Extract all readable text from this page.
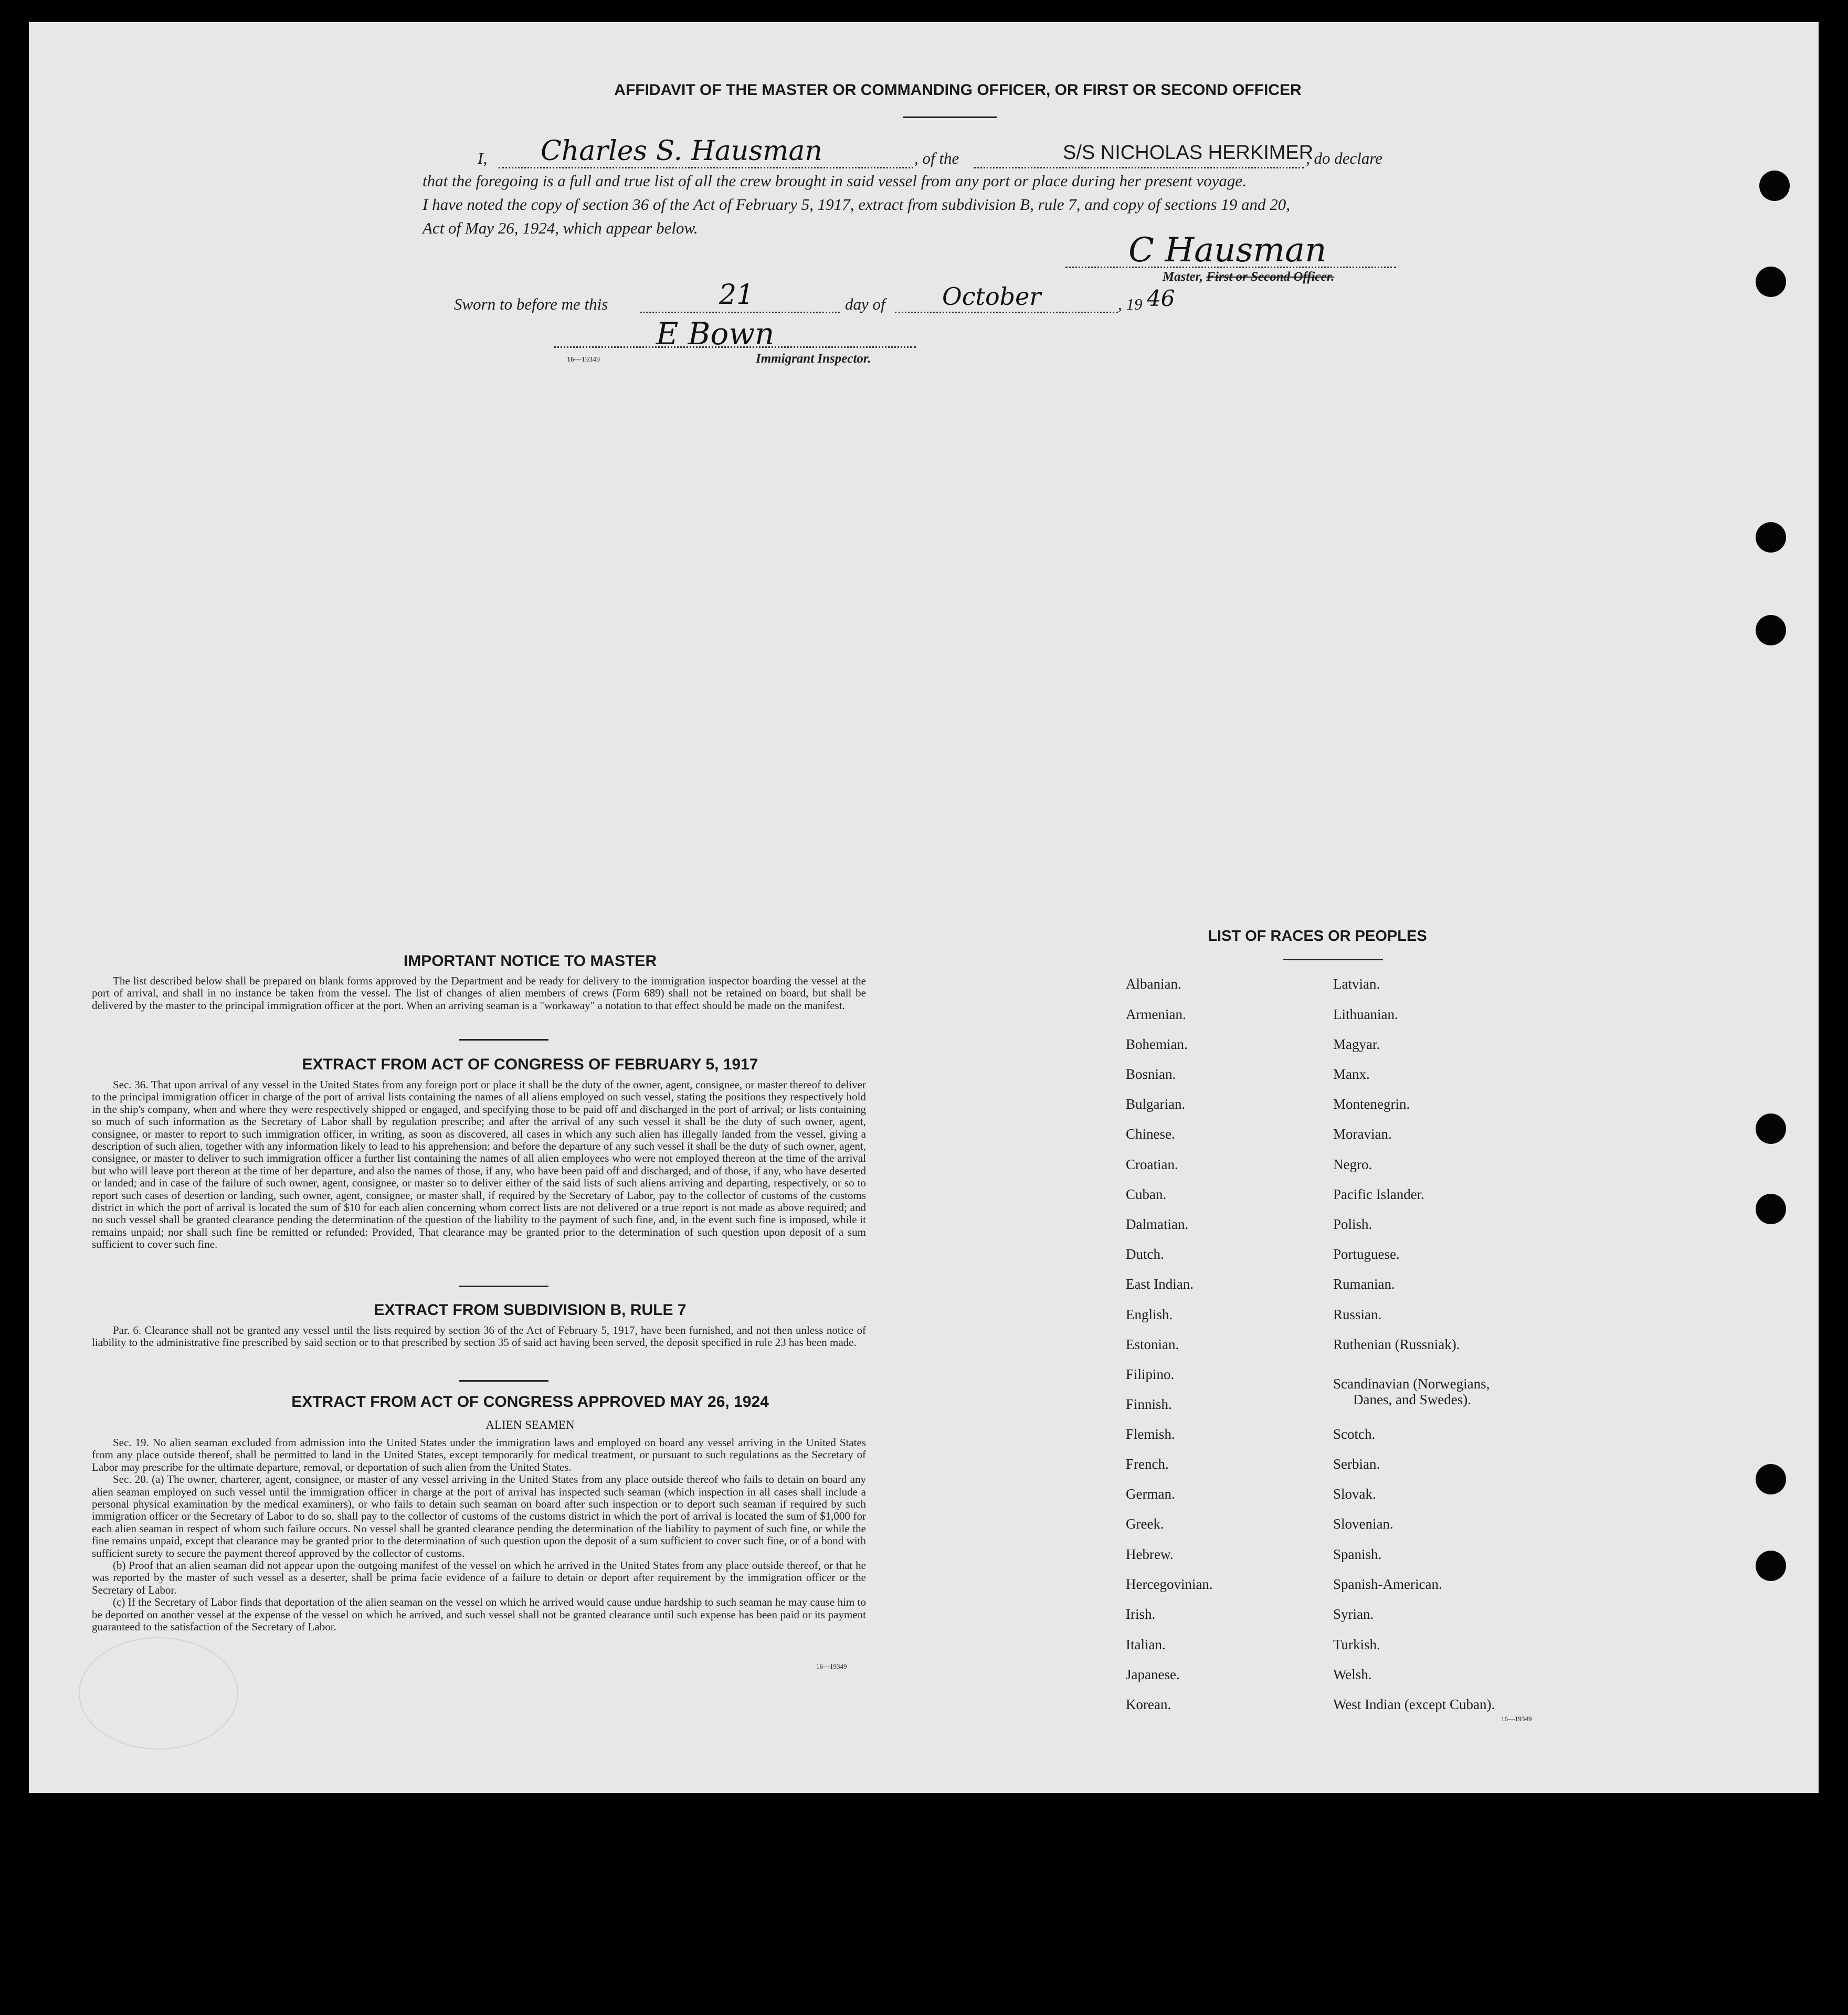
AFFIDAVIT OF THE MASTER OR COMMANDING OFFICER, OR FIRST OR SECOND OFFICER
I, Charles S. Hausman	, of the	S/S NICHOLAS HERKIMER
, do declare
that the foregoing is a full and true list of all the crew brought in said vessel from any port or place during her present voyage.
I have noted the copy of section 36 of the Act of February 5, 1917, extract from subdivision B, rule 7, and copy of sections 19 and 20,
Act of May 26, 1924, which appear below.
C Hausman
Master, First or Second Officer.
Sworn to before me this	21	day of October	, 19 46
E Bown
16—19349	Immigrant Inspector.
IMPORTANT NOTICE TO MASTER

The list described below shall be prepared on blank forms approved by the Department and be ready for delivery to the immigration inspector boarding the vessel at the port of arrival, and shall in no instance be taken from the vessel. The list of changes of alien members of crews (Form 689) shall not be retained on board, but shall be delivered by the master to the principal immigration officer at the port. When an arriving seaman is a "workaway" a notation to that effect should be made on the manifest.

EXTRACT FROM ACT OF CONGRESS OF FEBRUARY 5, 1917

Sec. 36. That upon arrival of any vessel in the United States from any foreign port or place it shall be the duty of the owner, agent, consignee, or master thereof to deliver to the principal immigration officer in charge of the port of arrival lists containing the names of all aliens employed on such vessel, stating the positions they respectively hold in the ship's company, when and where they were respectively shipped or engaged, and specifying those to be paid off and discharged in the port of arrival; or lists containing so much of such information as the Secretary of Labor shall by regulation prescribe; and after the arrival of any such vessel it shall be the duty of such owner, agent, consignee, or master to report to such immigration officer, in writing, as soon as discovered, all cases in which any such alien has illegally landed from the vessel, giving a description of such alien, together with any information likely to lead to his apprehension; and before the departure of any such vessel it shall be the duty of such owner, agent, consignee, or master to deliver to such immigration officer a further list containing the names of all alien employees who were not employed thereon at the time of the arrival but who will leave port thereon at the time of her departure, and also the names of those, if any, who have been paid off and discharged, and of those, if any, who have deserted or landed; and in case of the failure of such owner, agent, consignee, or master so to deliver either of the said lists of such aliens arriving and departing, respectively, or so to report such cases of desertion or landing, such owner, agent, consignee, or master shall, if required by the Secretary of Labor, pay to the collector of customs of the customs district in which the port of arrival is located the sum of $10 for each alien concerning whom correct lists are not delivered or a true report is not made as above required; and no such vessel shall be granted clearance pending the determination of the question of the liability to the payment of such fine, and, in the event such fine is imposed, while it remains unpaid; nor shall such fine be remitted or refunded: Provided, That clearance may be granted prior to the determination of such question upon deposit of a sum sufficient to cover such fine.

EXTRACT FROM SUBDIVISION B, RULE 7

Par. 6. Clearance shall not be granted any vessel until the lists required by section 36 of the Act of February 5, 1917, have been furnished, and not then unless notice of liability to the administrative fine prescribed by said section or to that prescribed by section 35 of said act having been served, the deposit specified in rule 23 has been made.

EXTRACT FROM ACT OF CONGRESS APPROVED MAY 26, 1924
ALIEN SEAMEN

Sec. 19. No alien seaman excluded from admission into the United States under the immigration laws and employed on board any vessel arriving in the United States from any place outside thereof, shall be permitted to land in the United States, except temporarily for medical treatment, or pursuant to such regulations as the Secretary of Labor may prescribe for the ultimate departure, removal, or deportation of such alien from the United States.

Sec. 20. (a) The owner, charterer, agent, consignee, or master of any vessel arriving in the United States from any place outside thereof who fails to detain on board any alien seaman employed on such vessel until the immigration officer in charge at the port of arrival has inspected such seaman (which inspection in all cases shall include a personal physical examination by the medical examiners), or who fails to detain such seaman on board after such inspection or to deport such seaman if required by such immigration officer or the Secretary of Labor to do so, shall pay to the collector of customs of the customs district in which the port of arrival is located the sum of $1,000 for each alien seaman in respect of whom such failure occurs. No vessel shall be granted clearance pending the determination of the liability to payment of such fine, or while the fine remains unpaid, except that clearance may be granted prior to the determination of such question upon the deposit of a sum sufficient to cover such fine, or of a bond with sufficient surety to secure the payment thereof approved by the collector of customs.

(b) Proof that an alien seaman did not appear upon the outgoing manifest of the vessel on which he arrived in the United States from any place outside thereof, or that he was reported by the master of such vessel as a deserter, shall be prima facie evidence of a failure to detain or deport after requirement by the immigration officer or the Secretary of Labor.

(c) If the Secretary of Labor finds that deportation of the alien seaman on the vessel on which he arrived would cause undue hardship to such seaman he may cause him to be deported on another vessel at the expense of the vessel on which he arrived, and such vessel shall not be granted clearance until such expense has been paid or its payment guaranteed to the satisfaction of the Secretary of Labor.

16—19349
LIST OF RACES OR PEOPLES
Albanian.
Armenian.
Bohemian.
Bosnian.
Bulgarian.
Chinese.
Croatian.
Cuban.
Dalmatian.
Dutch.
East Indian.
English.
Estonian.
Filipino.
Finnish.
Flemish.
French.
German.
Greek.
Hebrew.
Hercegovinian.
Irish.
Italian.
Japanese.
Korean.
Latvian.
Lithuanian.
Magyar.
Manx.
Montenegrin.
Moravian.
Negro.
Pacific Islander.
Polish.
Portuguese.
Rumanian.
Russian.
Ruthenian (Russniak).
Scandinavian (Norwegians,
Danes, and Swedes).
Scotch.
Serbian.
Slovak.
Slovenian.
Spanish.
Spanish-American.
Syrian.
Turkish.
Welsh.
West Indian (except Cuban).
16—19349
